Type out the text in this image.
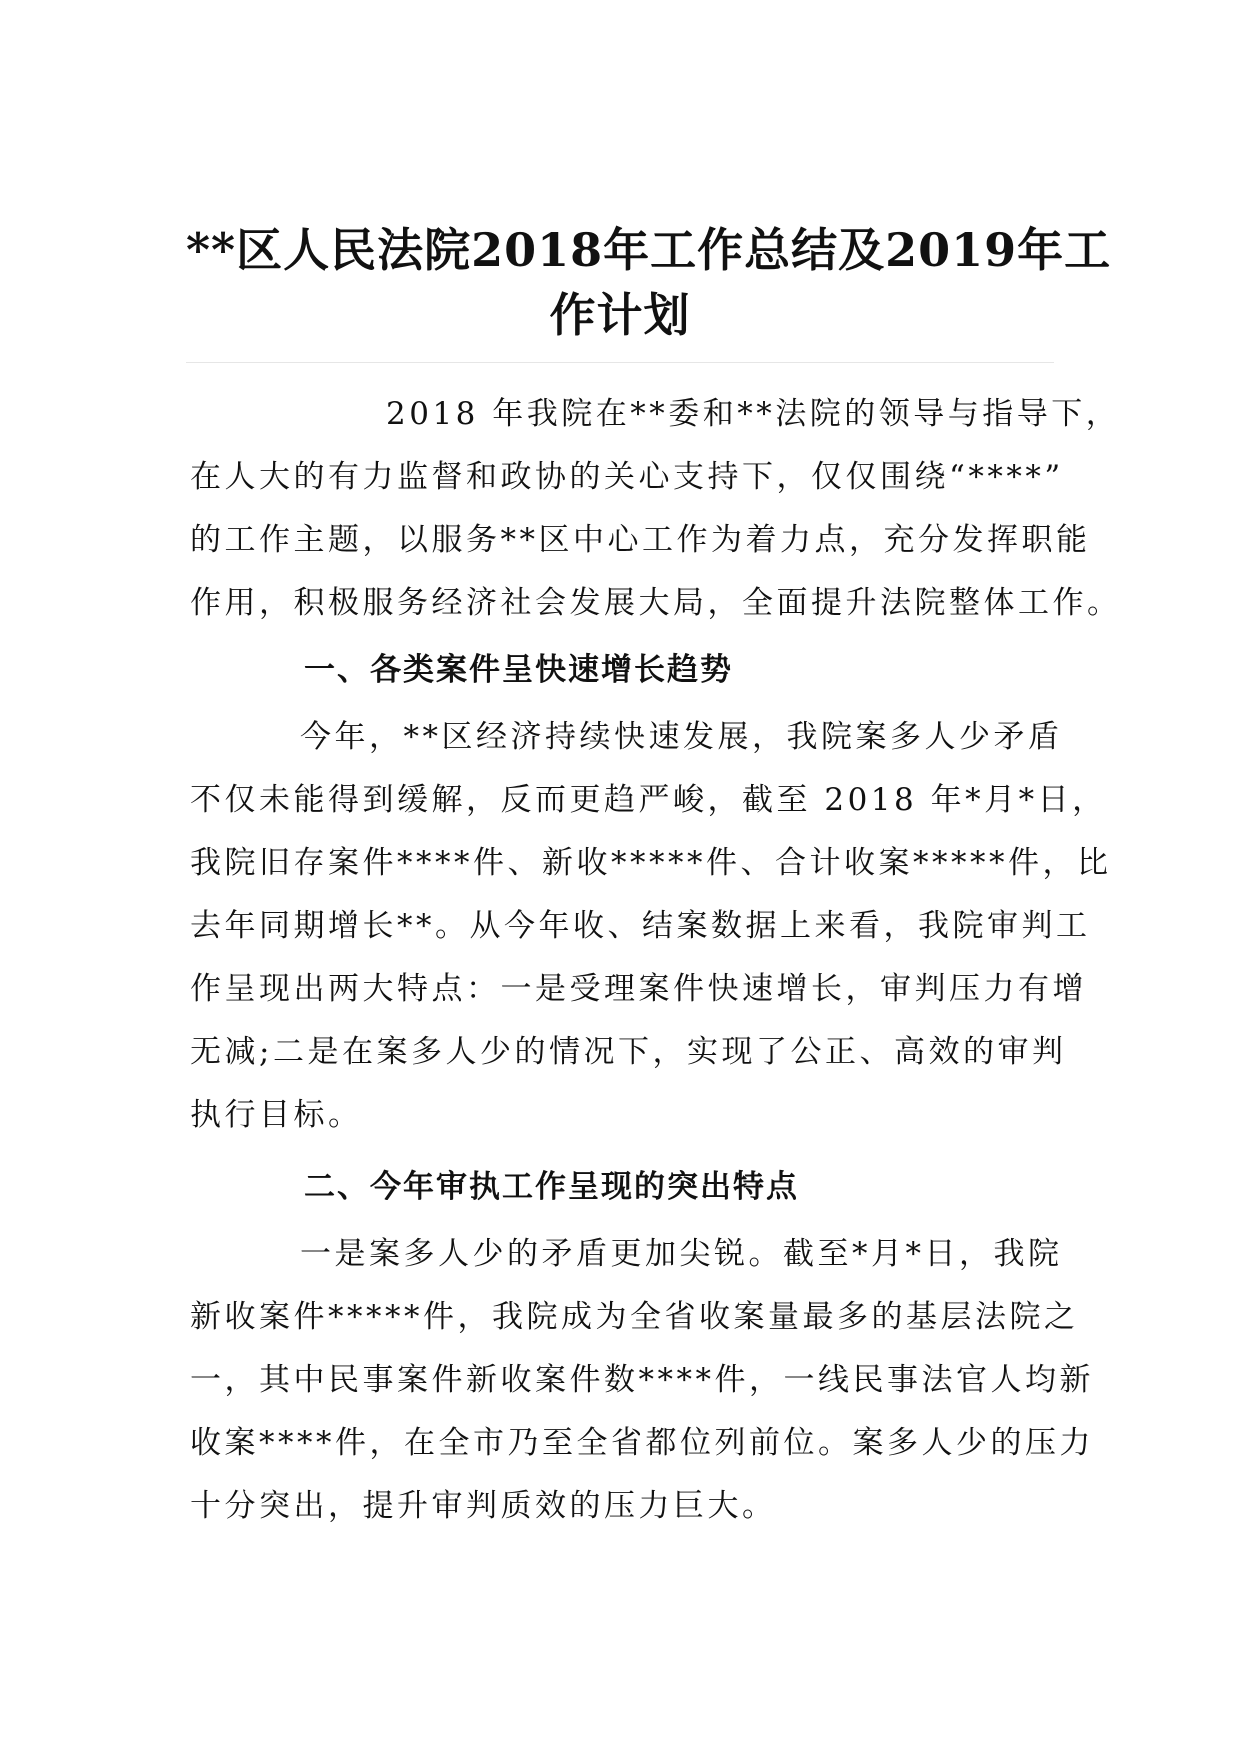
**区人民法院2018年工作总结及2019年工
作计划

2018 年我院在**委和**法院的领导与指导下，

在人大的有力监督和政协的关心支持下，仅仅围绕“****”

的工作主题，以服务**区中心工作为着力点，充分发挥职能

作用，积极服务经济社会发展大局，全面提升法院整体工作。

一、各类案件呈快速增长趋势

今年，**区经济持续快速发展，我院案多人少矛盾

不仅未能得到缓解，反而更趋严峻，截至 2018 年*月*日，

我院旧存案件****件、新收*****件、合计收案*****件，比

去年同期增长**。从今年收、结案数据上来看，我院审判工

作呈现出两大特点：一是受理案件快速增长，审判压力有增

无减;二是在案多人少的情况下，实现了公正、高效的审判

执行目标。

二、今年审执工作呈现的突出特点

一是案多人少的矛盾更加尖锐。截至*月*日，我院

新收案件*****件，我院成为全省收案量最多的基层法院之

一，其中民事案件新收案件数****件，一线民事法官人均新

收案****件，在全市乃至全省都位列前位。案多人少的压力

十分突出，提升审判质效的压力巨大。
